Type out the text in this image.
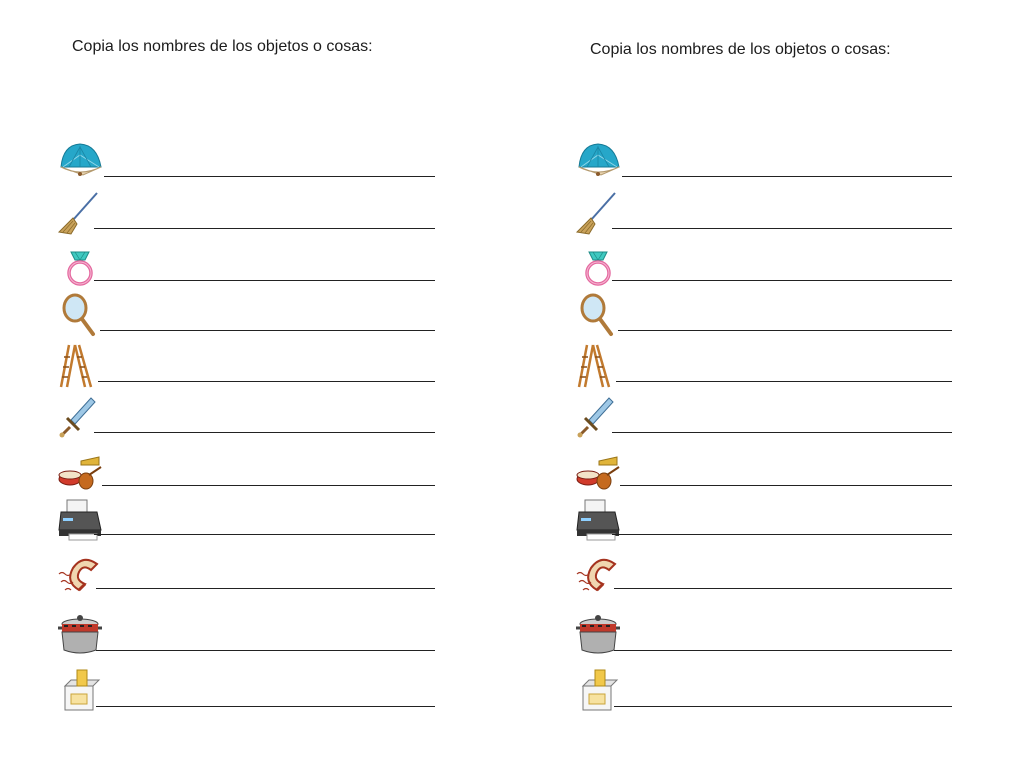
Copia los nombres de los objetos o cosas:	Copia los nombres de los objetos o cosas:
